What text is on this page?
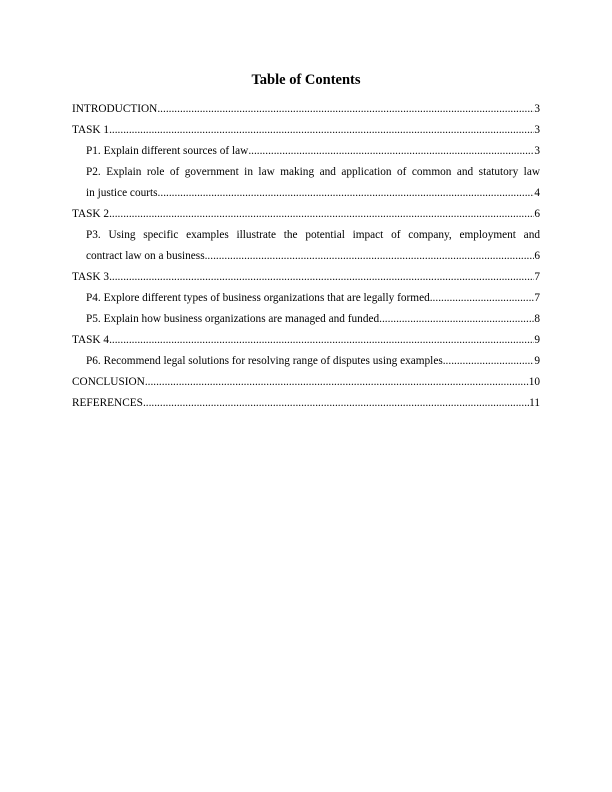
Table of Contents
INTRODUCTION .....	3
TASK 1 .....	3
P1. Explain different sources of law .....	3
P2. Explain role of government in law making and application of common and statutory law
in justice courts .....	4
TASK 2 .....	6
P3. Using specific examples illustrate the potential impact of company, employment and
contract law on a business .....	6
TASK 3 .....	7
P4. Explore different types of business organizations that are legally formed .....	7
P5. Explain how business organizations are managed and funded .....	8
TASK 4 .....	9
P6. Recommend legal solutions for resolving range of disputes using examples .....	9
CONCLUSION .....	10
REFERENCES .....	11
